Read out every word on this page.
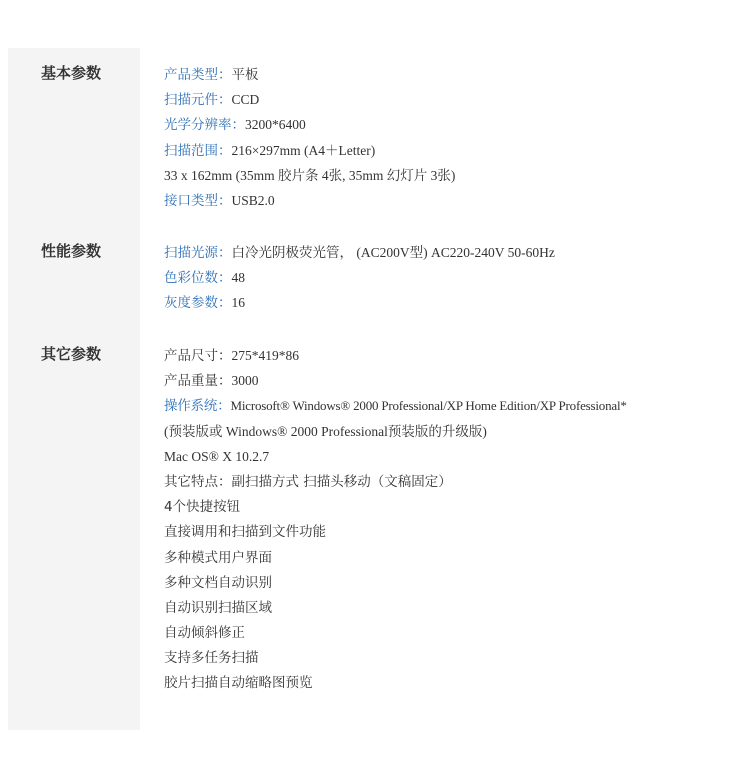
基本参数	产品类型：平板
扫描元件：CCD
光学分辨率：3200*6400
扫描范围：216×297mm (A4＋Letter)
33 x 162mm (35mm 胶片条 4张, 35mm 幻灯片 3张)
接口类型：USB2.0
性能参数	扫描光源：白冷光阴极荧光管， (AC200V型) AC220-240V 50-60Hz
色彩位数：48
灰度参数：16
其它参数	产品尺寸：275*419*86
产品重量：3000
操作系统：Microsoft® Windows® 2000 Professional/XP Home Edition/XP Professional*
(预装版或 Windows® 2000 Professional预装版的升级版)
Mac OS® X 10.2.7
其它特点：副扫描方式 扫描头移动（文稿固定）
4个快捷按钮
直接调用和扫描到文件功能
多种模式用户界面
多种文档自动识别
自动识别扫描区域
自动倾斜修正
支持多任务扫描
胶片扫描自动缩略图预览
